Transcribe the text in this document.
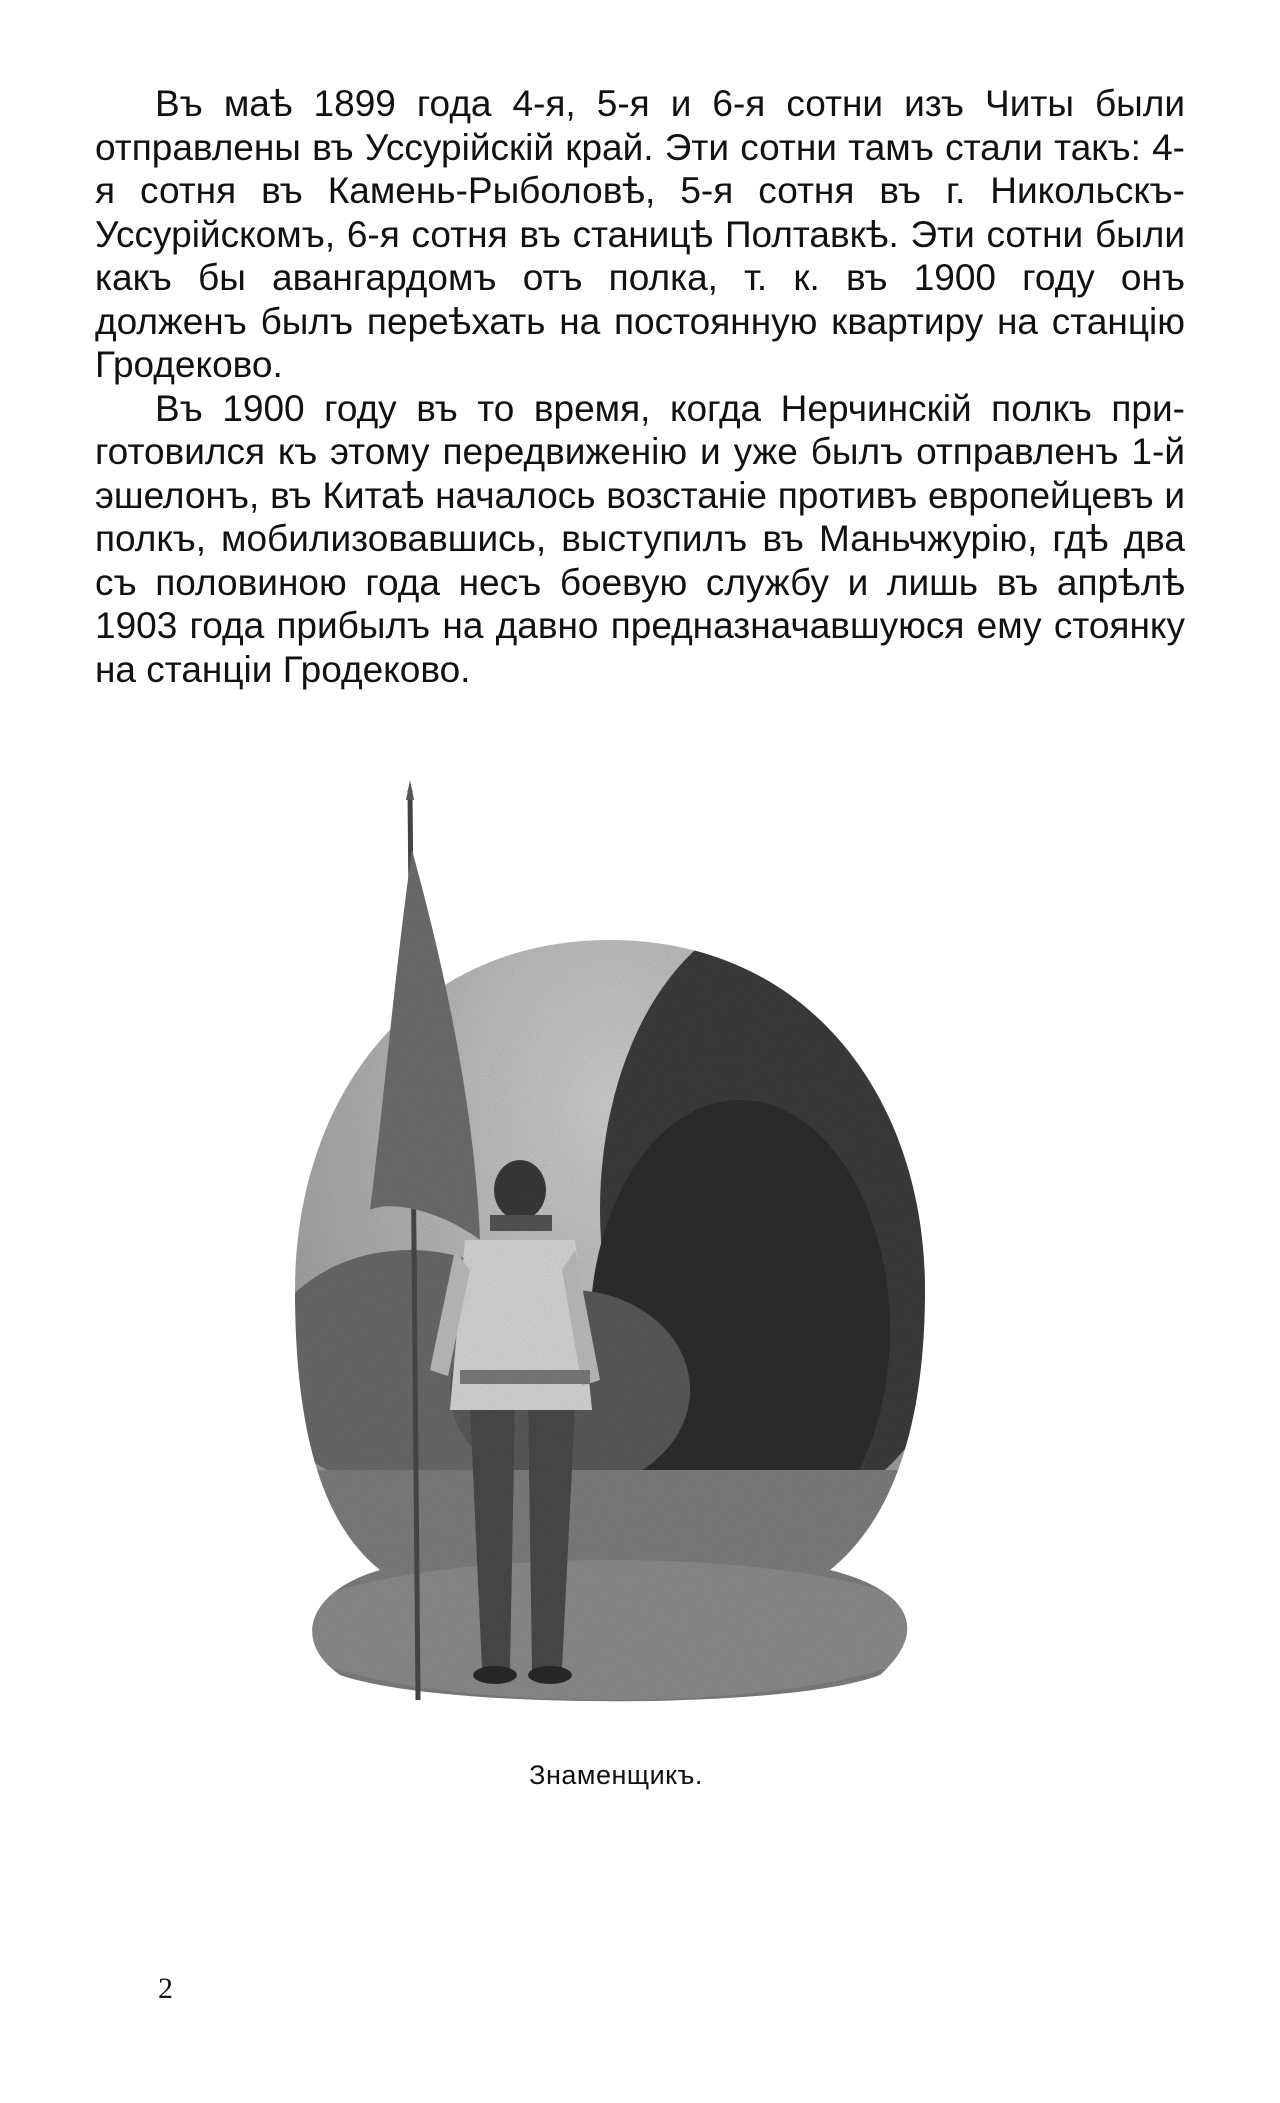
Въ маѣ 1899 года 4-я, 5-я и 6-я сотни изъ Читы были отправлены въ Уссурійскій край. Эти сотни тамъ стали такъ: 4-я сотня въ Камень-Рыболовѣ, 5-я сотня въ г. Никольскъ-Уссурійскомъ, 6-я сотня въ станицѣ Полтавкѣ. Эти сотни были какъ бы авангардомъ отъ полка, т. к. въ 1900 году онъ долженъ былъ переѣхать на постоянную квартиру на станцію Гродеково.

Въ 1900 году въ то время, когда Нерчинскій полкъ приготовился къ этому передвиженію и уже былъ отправленъ 1-й эшелонъ, въ Китаѣ началось возстаніе противъ европейцевъ и полкъ, мобилизовавшись, выступилъ въ Маньчжурію, гдѣ два съ половиною года несъ боевую службу и лишь въ апрѣлѣ 1903 года прибылъ на давно предназначавшуюся ему стоянку на станціи Гродеково.

Знаменщикъ.
2
